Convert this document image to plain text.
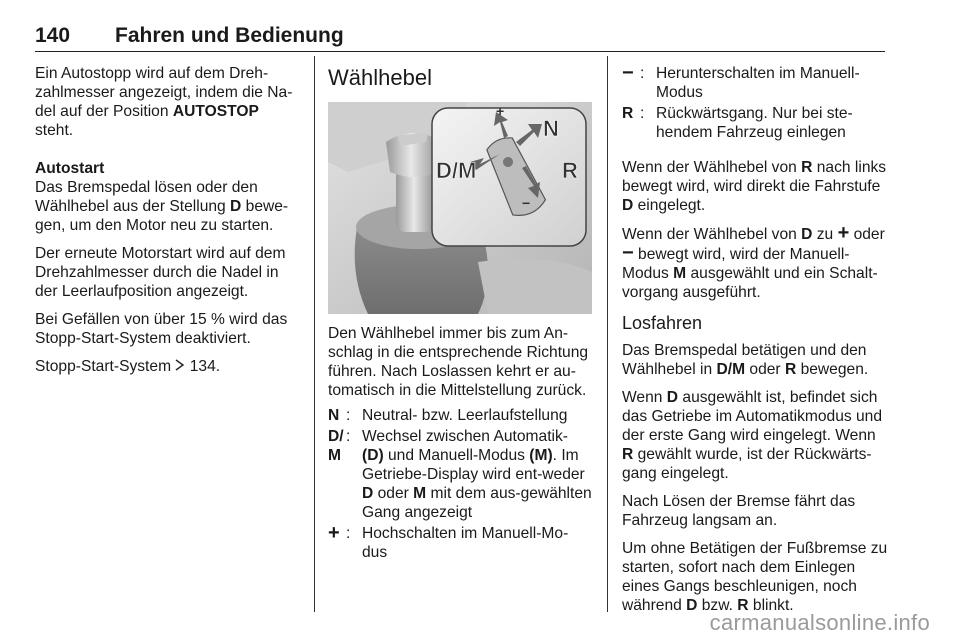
140 Fahren und Bedienung

Ein Autostopp wird auf dem Dreh-zahlmesser angezeigt, indem die Na-del auf der Position AUTOSTOP steht.

Autostart

Das Bremspedal lösen oder den Wählhebel aus der Stellung D bewe-gen, um den Motor neu zu starten.

Der erneute Motorstart wird auf dem Drehzahlmesser durch die Nadel in der Leerlaufposition angezeigt.

Bei Gefällen von über 15 % wird das Stopp-Start-System deaktiviert.

Stopp-Start-System  134.

Wählhebel
+
−
N
D/M	R

Den Wählhebel immer bis zum An-schlag in die entsprechende Richtung führen. Nach Loslassen kehrt er au-tomatisch in die Mittelstellung zurück.

N : Neutral- bzw. Leerlaufstellung
D/M
: Wechsel zwischen Automatik- (D) und Manuell-Modus (M). Im Getriebe-Display wird ent-weder D oder M mit dem aus-gewählten Gang angezeigt
+ : Hochschalten im Manuell-Mo-dus
− : Herunterschalten im Manuell-Modus
R : Rückwärtsgang. Nur bei ste-hendem Fahrzeug einlegen

Wenn der Wählhebel von R nach links bewegt wird, wird direkt die Fahrstufe D eingelegt.

Wenn der Wählhebel von D zu + oder − bewegt wird, wird der Manuell-Modus M ausgewählt und ein Schalt-vorgang ausgeführt.

Losfahren

Das Bremspedal betätigen und den Wählhebel in D/M oder R bewegen.

Wenn D ausgewählt ist, befindet sich das Getriebe im Automatikmodus und der erste Gang wird eingelegt. Wenn R gewählt wurde, ist der Rückwärts-gang eingelegt.

Nach Lösen der Bremse fährt das Fahrzeug langsam an.

Um ohne Betätigen der Fußbremse zu starten, sofort nach dem Einlegen eines Gangs beschleunigen, noch während D bzw. R blinkt.

carmanualsonline.info
